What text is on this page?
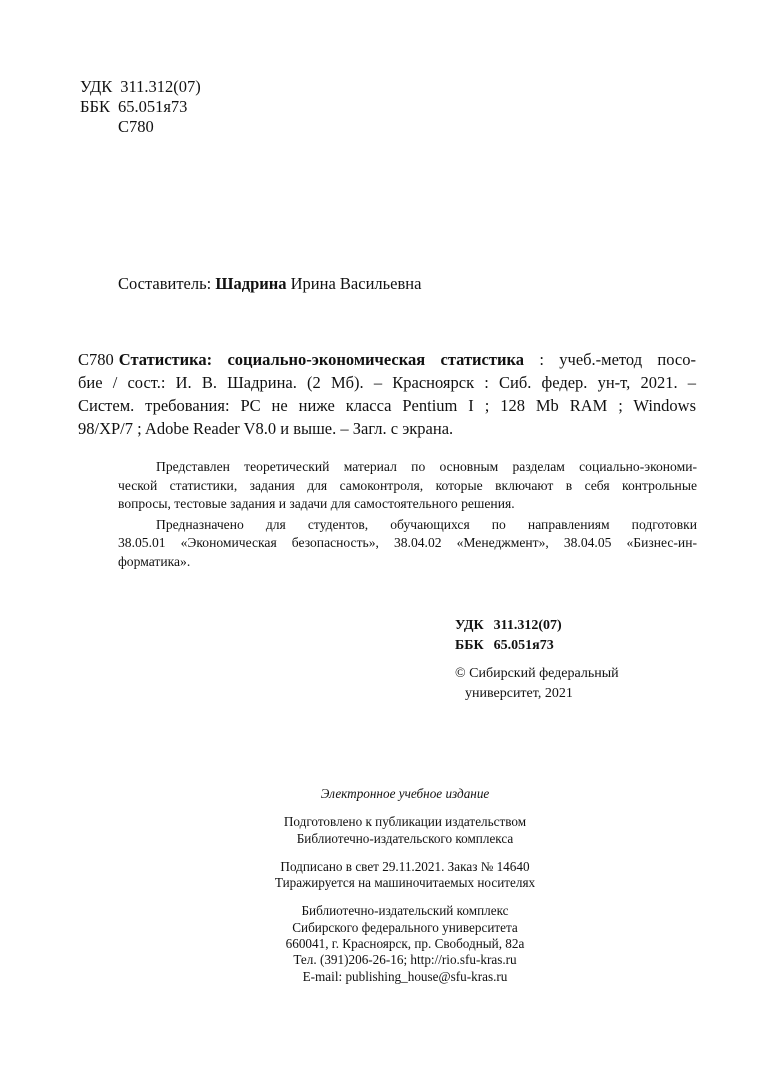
УДК 311.312(07)
ББК 65.051я73
С780
Составитель: Шадрина Ирина Васильевна
С780 Статистика: социально-экономическая статистика : учеб.-метод посо-
бие / сост.: И. В. Шадрина. (2 Мб). – Красноярск : Сиб. федер. ун-т, 2021. –
Систем. требования: PC не ниже класса Pentium I ; 128 Mb RAM ; Windows
98/XP/7 ; Adobe Reader V8.0 и выше. – Загл. с экрана.
Представлен теоретический материал по основным разделам социально-экономи-
ческой статистики, задания для самоконтроля, которые включают в себя контрольные
вопросы, тестовые задания и задачи для самостоятельного решения.
Предназначено для студентов, обучающихся по направлениям подготовки
38.05.01 «Экономическая безопасность», 38.04.02 «Менеджмент», 38.04.05 «Бизнес-ин-
форматика».
УДК 311.312(07)
ББК 65.051я73
© Сибирский федеральный
университет, 2021
Электронное учебное издание
Подготовлено к публикации издательством
Библиотечно-издательского комплекса
Подписано в свет 29.11.2021. Заказ № 14640
Тиражируется на машиночитаемых носителях
Библиотечно-издательский комплекс
Сибирского федерального университета
660041, г. Красноярск, пр. Свободный, 82а
Тел. (391)206-26-16; http://rio.sfu-kras.ru
E-mail: publishing_house@sfu-kras.ru
